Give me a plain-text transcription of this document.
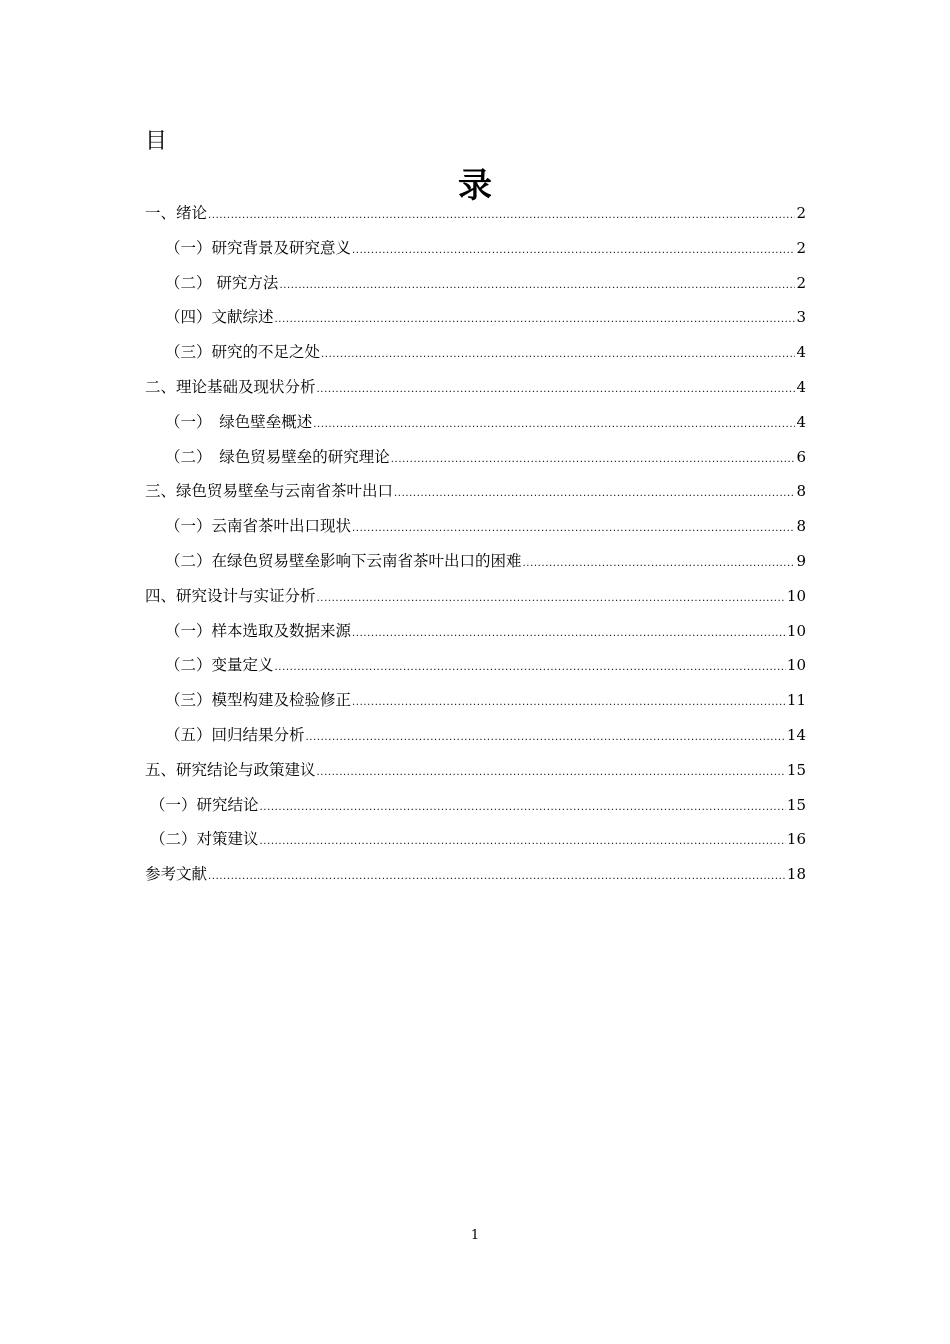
目
录
一、绪论 .....	2
（一）研究背景及研究意义 .....	2
（二） 研究方法 .....	2
（四）文献综述 .....	3
（三）研究的不足之处 .....	4
二、理论基础及现状分析 .....	4
（一）　绿色壁垒概述 .....	4
（二）　绿色贸易壁垒的研究理论 .....	6
三、绿色贸易壁垒与云南省茶叶出口 .....	8
（一）云南省茶叶出口现状 .....	8
（二）在绿色贸易壁垒影响下云南省茶叶出口的困难 .....	9
四、研究设计与实证分析 .....	10
（一）样本选取及数据来源 .....	10
（二）变量定义 .....	10
（三）模型构建及检验修正 .....	11
（五）回归结果分析 .....	14
五、研究结论与政策建议 .....	15
（一）研究结论 .....	15
（二）对策建议 .....	16
参考文献 .....	18
1
